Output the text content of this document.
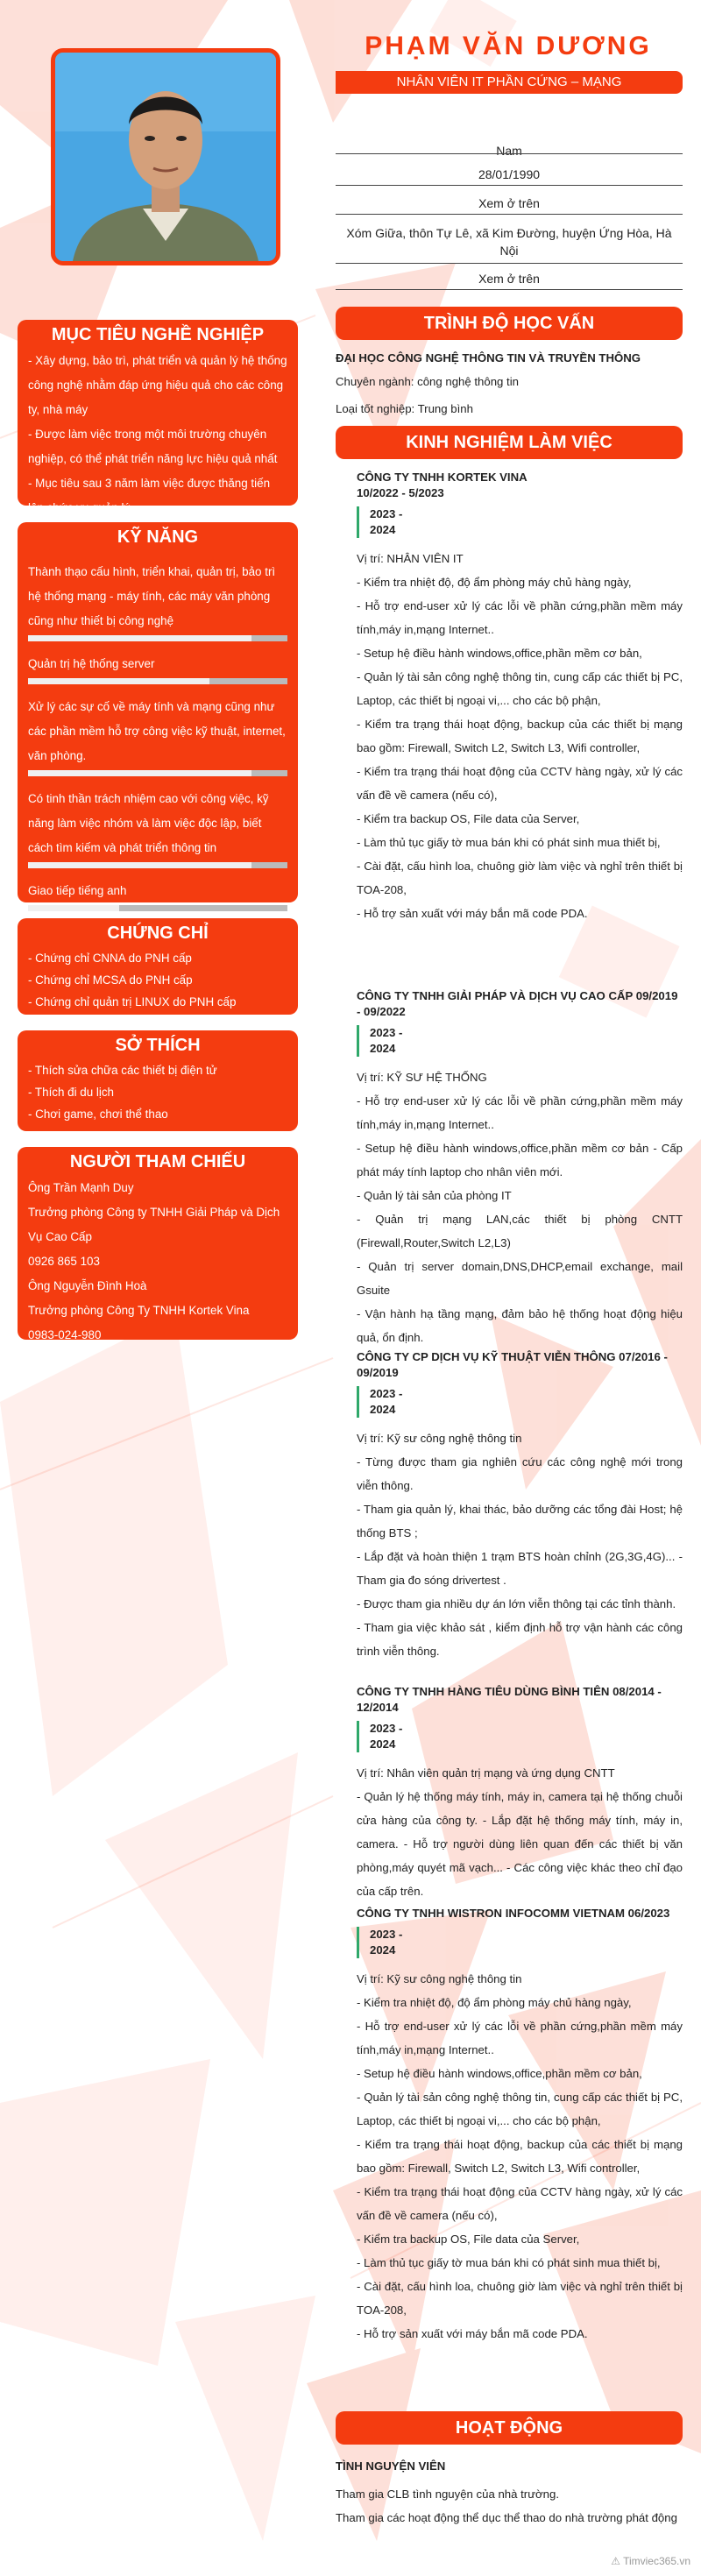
PHẠM VĂN DƯƠNG
NHÂN VIÊN IT PHẦN CỨNG – MẠNG
Nam
28/01/1990
Xem ở trên
Xóm Giữa, thôn Tự Lê, xã Kim Đường, huyện Ứng Hòa, Hà Nội
Xem ở trên
MỤC TIÊU NGHỀ NGHIỆP

- Xây dựng, bảo trì, phát triển và quản lý hệ thống công nghệ nhằm đáp ứng hiệu quả cho các công ty, nhà máy

- Được làm việc trong một môi trường chuyên nghiệp, có thể phát triển năng lực hiệu quả nhất

- Mục tiêu sau 3 năm làm việc được thăng tiến lên chức vụ quản lý

KỸ NĂNG

Thành thạo cấu hình, triển khai, quản trị, bảo trì hệ thống mạng - máy tính, các máy văn phòng cũng như thiết bị công nghệ

Quản trị hệ thống server

Xử lý các sự cố về máy tính và mạng cũng như các phần mềm hỗ trợ công việc kỹ thuật, internet, văn phòng.

Có tinh thần trách nhiệm cao với công việc, kỹ năng làm việc nhóm và làm việc độc lập, biết cách tìm kiếm và phát triển thông tin

Giao tiếp tiếng anh

CHỨNG CHỈ

- Chứng chỉ CNNA do PNH cấp

- Chứng chỉ MCSA do PNH cấp

- Chứng chỉ quản trị LINUX do PNH cấp

SỞ THÍCH

- Thích sửa chữa các thiết bị điện tử

- Thích đi du lịch

- Chơi game, chơi thể thao

NGƯỜI THAM CHIẾU

Ông Trần Mạnh Duy

Trưởng phòng Công ty TNHH Giải Pháp và Dịch Vụ Cao Cấp

0926 865 103

Ông Nguyễn Đình Hoà

Trưởng phòng Công Ty TNHH Kortek Vina

0983-024-980

TRÌNH ĐỘ HỌC VẤN

ĐẠI HỌC CÔNG NGHỆ THÔNG TIN VÀ TRUYỀN THÔNG

Chuyên ngành: công nghệ thông tin

Loại tốt nghiệp: Trung bình

KINH NGHIỆM LÀM VIỆC

CÔNG TY TNHH KORTEK VINA

10/2022 - 5/2023

2023 - 2024

Vị trí: NHÂN VIÊN IT

- Kiểm tra nhiệt độ, độ ẩm phòng máy chủ hàng ngày,

- Hỗ trợ end-user xử lý các lỗi về phần cứng,phần mềm máy tính,máy in,mạng Internet..

- Setup hệ điều hành windows,office,phần mềm cơ bản,

- Quản lý tài sản công nghệ thông tin, cung cấp các thiết bị PC, Laptop, các thiết bị ngoại vi,... cho các bộ phận,

- Kiểm tra trạng thái hoạt động, backup của các thiết bị mạng bao gồm: Firewall, Switch L2, Switch L3, Wifi controller,

- Kiểm tra trạng thái hoạt động của CCTV hàng ngày, xử lý các vấn đề về camera (nếu có),

- Kiểm tra backup OS, File data của Server,

- Làm thủ tục giấy tờ mua bán khi có phát sinh mua thiết bị,

- Cài đặt, cấu hình loa, chuông giờ làm việc và nghỉ trên thiết bị TOA-208,

- Hỗ trợ sản xuất với máy bắn mã code PDA.

CÔNG TY TNHH GIẢI PHÁP VÀ DỊCH VỤ CAO CẤP 09/2019 - 09/2022

2023 - 2024

Vị trí: KỸ SƯ HỆ THỐNG

- Hỗ trợ end-user xử lý các lỗi về phần cứng,phần mềm máy tính,máy in,mạng Internet..

- Setup hệ điều hành windows,office,phần mềm cơ bản - Cấp phát máy tính laptop cho nhân viên mới.

- Quản lý tài sản của phòng IT

- Quản trị mạng LAN,các thiết bị phòng CNTT (Firewall,Router,Switch L2,L3)

- Quản trị server domain,DNS,DHCP,email exchange, mail Gsuite

- Vận hành hạ tầng mạng, đảm bảo hệ thống hoạt động hiệu quả, ổn định.

CÔNG TY CP DỊCH VỤ KỸ THUẬT VIỄN THÔNG 07/2016 - 09/2019

2023 - 2024

Vị trí: Kỹ sư công nghệ thông tin

- Từng được tham gia nghiên cứu các công nghệ mới trong viễn thông.

- Tham gia quản lý, khai thác, bảo dưỡng các tổng đài Host; hệ thống BTS ;

- Lắp đặt và hoàn thiện 1 trạm BTS hoàn chỉnh (2G,3G,4G)... - Tham gia đo sóng drivertest .

- Được tham gia nhiều dự án lớn viễn thông tại các tỉnh thành.

- Tham gia việc khảo sát , kiểm định hỗ trợ vận hành các công trình viễn thông.

CÔNG TY TNHH HÀNG TIÊU DÙNG BÌNH TIÊN 08/2014 - 12/2014

2023 - 2024

Vị trí: Nhân viên quản trị mạng và ứng dụng CNTT

- Quản lý hệ thống máy tính, máy in, camera tại hệ thống chuỗi cửa hàng của công ty. - Lắp đặt hệ thống máy tính, máy in, camera. - Hỗ trợ người dùng liên quan đến các thiết bị văn phòng,máy quyét mã vạch... - Các công việc khác theo chỉ đạo của cấp trên.

CÔNG TY TNHH WISTRON INFOCOMM VIETNAM 06/2023

2023 - 2024

Vị trí: Kỹ sư công nghệ thông tin

- Kiểm tra nhiệt độ, độ ẩm phòng máy chủ hàng ngày,

- Hỗ trợ end-user xử lý các lỗi về phần cứng,phần mềm máy tính,máy in,mạng Internet..

- Setup hệ điều hành windows,office,phần mềm cơ bản,

- Quản lý tài sản công nghệ thông tin, cung cấp các thiết bị PC, Laptop, các thiết bị ngoại vi,... cho các bộ phận,

- Kiểm tra trạng thái hoạt động, backup của các thiết bị mạng bao gồm: Firewall, Switch L2, Switch L3, Wifi controller,

- Kiểm tra trạng thái hoạt động của CCTV hàng ngày, xử lý các vấn đề về camera (nếu có),

- Kiểm tra backup OS, File data của Server,

- Làm thủ tục giấy tờ mua bán khi có phát sinh mua thiết bị,

- Cài đặt, cấu hình loa, chuông giờ làm việc và nghỉ trên thiết bị TOA-208,

- Hỗ trợ sản xuất với máy bắn mã code PDA.

HOẠT ĐỘNG

TÌNH NGUYỆN VIÊN

Tham gia CLB tình nguyện của nhà trường.

Tham gia các hoạt động thể dục thể thao do nhà trường phát động

⚠ Timviec365.vn
